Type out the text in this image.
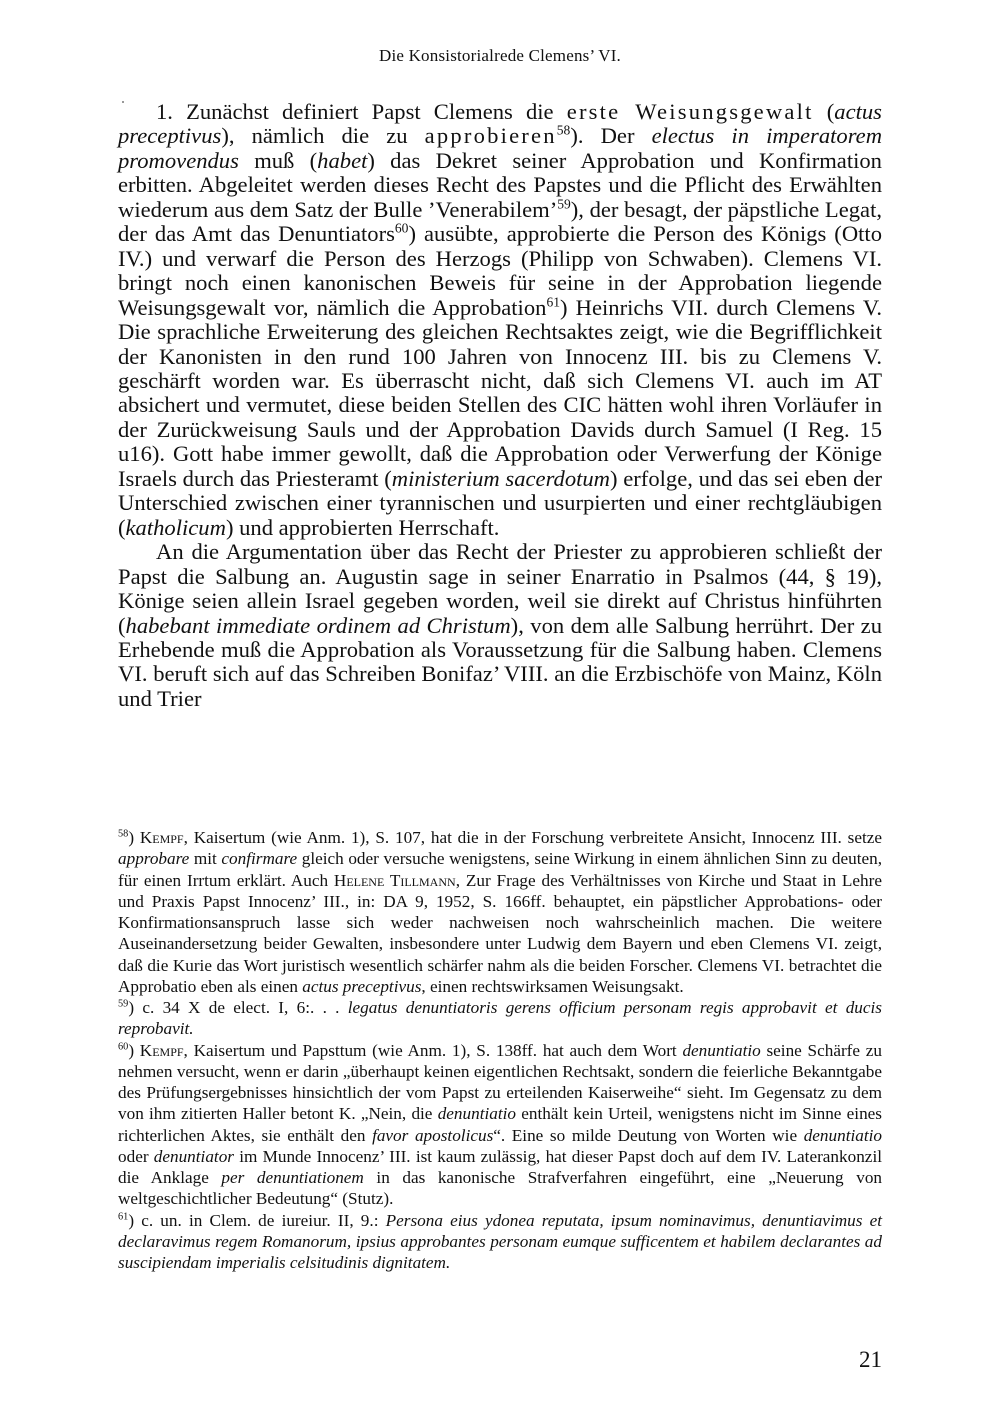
Die Konsistorialrede Clemens’ VI.

1. Zunächst definiert Papst Clemens die erste Weisungsgewalt (actus preceptivus), nämlich die zu approbieren$^{58}$). Der electus in imperatorem promovendus muß (habet) das Dekret seiner Approbation und Konfirmation erbitten. Abgeleitet werden dieses Recht des Papstes und die Pflicht des Erwählten wiederum aus dem Satz der Bulle ’Venerabilem’$^{59}$), der besagt, der päpstliche Legat, der das Amt das Denuntiators$^{60}$) ausübte, approbierte die Person des Königs (Otto IV.) und verwarf die Person des Herzogs (Philipp von Schwaben). Clemens VI. bringt noch einen kanonischen Beweis für seine in der Approbation liegende Weisungsgewalt vor, nämlich die Approbation$^{61}$) Heinrichs VII. durch Clemens V. Die sprachliche Erweiterung des gleichen Rechtsaktes zeigt, wie die Begrifflichkeit der Kanonisten in den rund 100 Jahren von Innocenz III. bis zu Clemens V. geschärft worden war. Es überrascht nicht, daß sich Clemens VI. auch im AT absichert und vermutet, diese beiden Stellen des CIC hätten wohl ihren Vorläufer in der Zurückweisung Sauls und der Approbation Davids durch Samuel (I Reg. 15 u16). Gott habe immer gewollt, daß die Approbation oder Verwerfung der Könige Israels durch das Priesteramt (ministerium sacerdotum) erfolge, und das sei eben der Unterschied zwischen einer tyrannischen und usurpierten und einer rechtgläubigen (katholicum) und approbierten Herrschaft.

An die Argumentation über das Recht der Priester zu approbieren schließt der Papst die Salbung an. Augustin sage in seiner Enarratio in Psalmos (44, § 19), Könige seien allein Israel gegeben worden, weil sie direkt auf Christus hinführten (habebant immediate ordinem ad Christum), von dem alle Salbung herrührt. Der zu Erhebende muß die Approbation als Voraussetzung für die Salbung haben. Clemens VI. beruft sich auf das Schreiben Bonifaz’ VIII. an die Erzbischöfe von Mainz, Köln und Trier

$^{58}$) Kempf, Kaisertum (wie Anm. 1), S. 107, hat die in der Forschung verbreitete Ansicht, Innocenz III. setze approbare mit confirmare gleich oder versuche wenigstens, seine Wirkung in einem ähnlichen Sinn zu deuten, für einen Irrtum erklärt. Auch Helene Tillmann, Zur Frage des Verhältnisses von Kirche und Staat in Lehre und Praxis Papst Innocenz’ III., in: DA 9, 1952, S. 166ff. behauptet, ein päpstlicher Approbations- oder Konfirmationsanspruch lasse sich weder nachweisen noch wahrscheinlich machen. Die weitere Auseinandersetzung beider Gewalten, insbesondere unter Ludwig dem Bayern und eben Clemens VI. zeigt, daß die Kurie das Wort juristisch wesentlich schärfer nahm als die beiden Forscher. Clemens VI. betrachtet die Approbatio eben als einen actus preceptivus, einen rechtswirksamen Weisungsakt.

$^{59}$) c. 34 X de elect. I, 6:. . . legatus denuntiatoris gerens officium personam regis approbavit et ducis reprobavit.

$^{60}$) Kempf, Kaisertum und Papsttum (wie Anm. 1), S. 138ff. hat auch dem Wort denuntiatio seine Schärfe zu nehmen versucht, wenn er darin „überhaupt keinen eigentlichen Rechtsakt, sondern die feierliche Bekanntgabe des Prüfungsergebnisses hinsichtlich der vom Papst zu erteilenden Kaiserweihe“ sieht. Im Gegensatz zu dem von ihm zitierten Haller betont K. „Nein, die denuntiatio enthält kein Urteil, wenigstens nicht im Sinne eines richterlichen Aktes, sie enthält den favor apostolicus“. Eine so milde Deutung von Worten wie denuntiatio oder denuntiator im Munde Innocenz’ III. ist kaum zulässig, hat dieser Papst doch auf dem IV. Laterankonzil die Anklage per denuntiationem in das kanonische Strafverfahren eingeführt, eine „Neuerung von weltgeschichtlicher Bedeutung“ (Stutz).

$^{61}$) c. un. in Clem. de iureiur. II, 9.: Persona eius ydonea reputata, ipsum nominavimus, denuntiavimus et declaravimus regem Romanorum, ipsius approbantes personam eumque sufficentem et habilem declarantes ad suscipiendam imperialis celsitudinis dignitatem.

21
